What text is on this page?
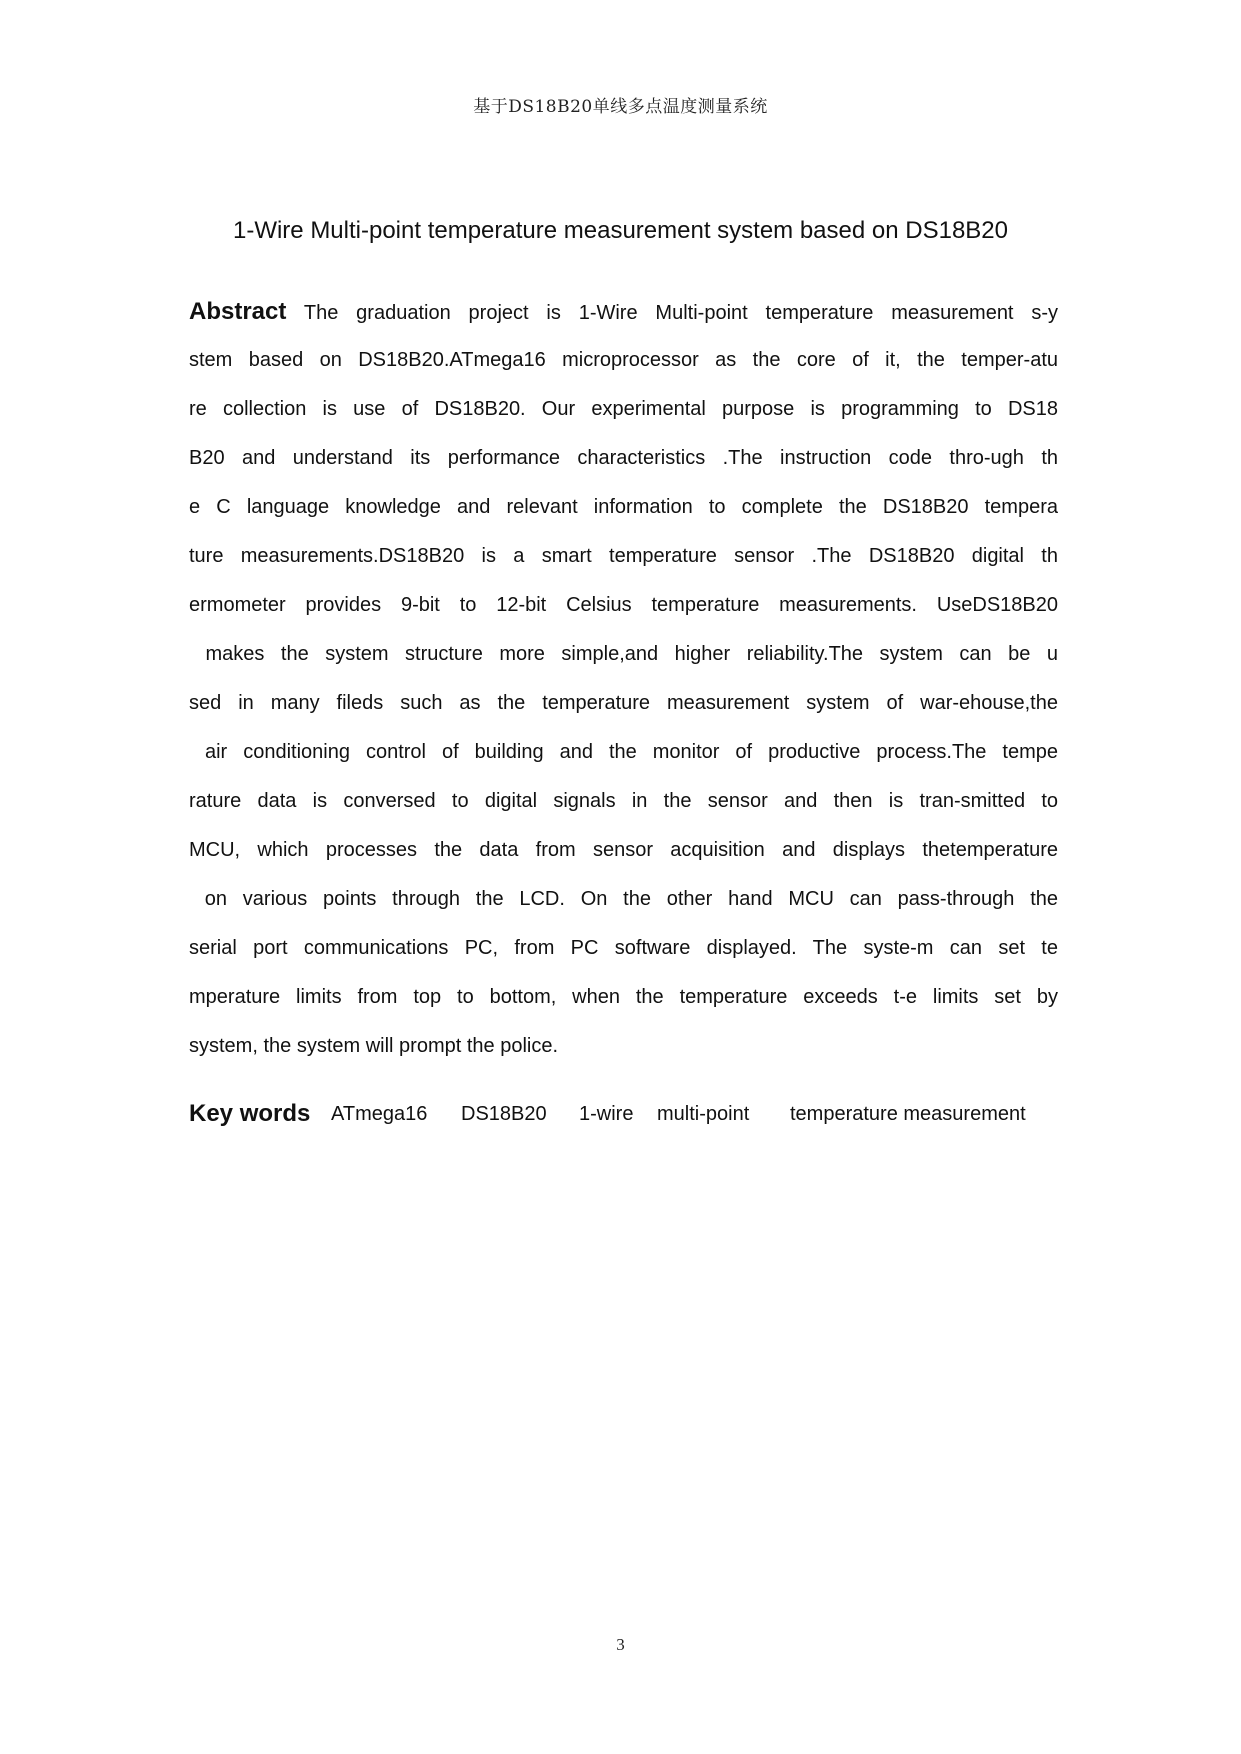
基于DS18B20单线多点温度测量系统
1-Wire Multi-point temperature measurement system based on DS18B20
Abstract The graduation project is 1-Wire Multi-point temperature measurement s-y
stem based on DS18B20.ATmega16 microprocessor as the core of it, the temper-atu
re collection is use of DS18B20. Our experimental purpose is programming to DS18
B20 and understand its performance characteristics .The instruction code thro-ugh th
e C language knowledge and relevant information to complete the DS18B20 tempera
ture measurements.DS18B20 is a smart temperature sensor .The DS18B20 digital th
ermometer provides 9-bit to 12-bit Celsius temperature measurements. UseDS18B20
makes the system structure more simple,and higher reliability.The system can be u
sed in many fileds such as the temperature measurement system of war-ehouse,the
air conditioning control of building and the monitor of productive process.The tempe
rature data is conversed to digital signals in the sensor and then is tran-smitted to
MCU, which processes the data from sensor acquisition and displays thetemperature
on various points through the LCD. On the other hand MCU can pass-through the
serial port communications PC, from PC software displayed. The syste-m can set te
mperature limits from top to bottom, when the temperature exceeds t-e limits set by
system, the system will prompt the police.
Key words ATmega16 DS18B20 1-wire multi-point temperature measurement
3
